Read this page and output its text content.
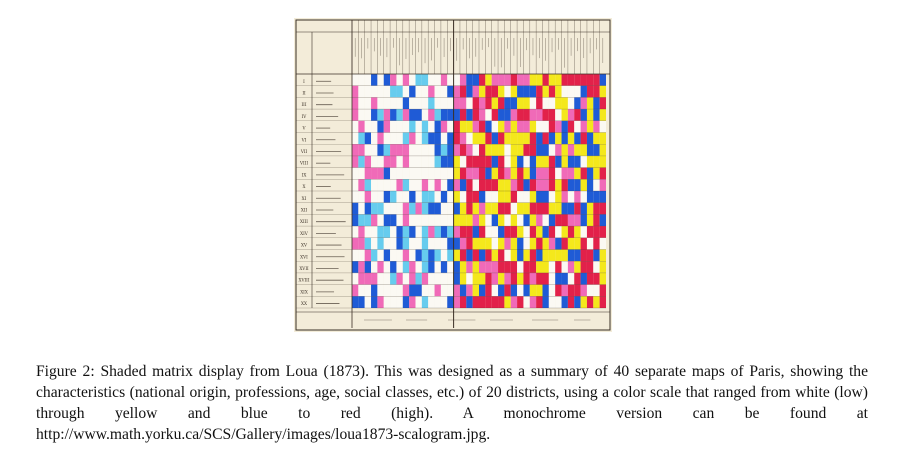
I
II
III
IV
V
VI
VII
VIII
IX
X
XI
XII
XIII
XIV
XV
XVI
XVII
XVIII
XIX
XX
Figure 2: Shaded matrix display from Loua (1873). This was designed as a summary of 40 separate maps of Paris, showing the characteristics (national origin, professions, age, social classes, etc.) of 20 districts, using a color scale that ranged from white (low) through yellow and blue to red (high). A monochrome version can be found at http://www.math.yorku.ca/SCS/Gallery/images/loua1873-scalogram.jpg.
